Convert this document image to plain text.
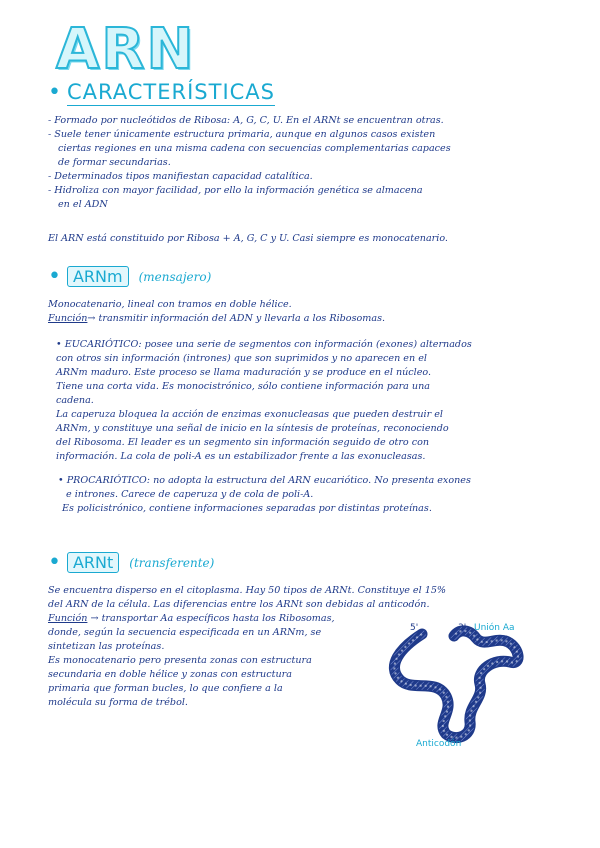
ARN
• CARACTERÍSTICAS
- Formado por nucleótidos de Ribosa: A, G, C, U. En el ARNt se encuentran otras.
- Suele tener únicamente estructura primaria, aunque en algunos casos existen
ciertas regiones en una misma cadena con secuencias complementarias capaces
de formar secundarias.
- Determinados tipos manifiestan capacidad catalítica.
- Hidroliza con mayor facilidad, por ello la información genética se almacena
en el ADN
El ARN está constituido por Ribosa + A, G, C y U. Casi siempre es monocatenario.
• ARNm	(mensajero)
Monocatenario, lineal con tramos en doble hélice.
Función→ transmitir información del ADN y llevarla a los Ribosomas.
• EUCARIÓTICO: posee una serie de segmentos con información (exones) alternados
con otros sin información (intrones) que son suprimidos y no aparecen en el
ARNm maduro. Este proceso se llama maduración y se produce en el núcleo.
Tiene una corta vida. Es monocistrónico, sólo contiene información para una
cadena.
La caperuza bloquea la acción de enzimas exonucleasas que pueden destruir el
ARNm, y constituye una señal de inicio en la síntesis de proteínas, reconociendo
del Ribosoma. El leader es un segmento sin información seguido de otro con
información. La cola de poli-A es un estabilizador frente a las exonucleasas.
• PROCARIÓTICO: no adopta la estructura del ARN eucariótico. No presenta exones
e intrones. Carece de caperuza y de cola de poli-A.
Es policistrónico, contiene informaciones separadas por distintas proteínas.
• ARNt	(transferente)
Se encuentra disperso en el citoplasma. Hay 50 tipos de ARNt. Constituye el 15%
del ARN de la célula. Las diferencias entre los ARNt son debidas al anticodón.
Función → transportar Aa específicos hasta los Ribosomas,
donde, según la secuencia especificada en un ARNm, se
sintetizan las proteínas.
Es monocatenario pero presenta zonas con estructura
secundaria en doble hélice y zonas con estructura
primaria que forman bucles, lo que confiere a la
molécula su forma de trébol.
5'	3' Unión Aa
Anticodón
